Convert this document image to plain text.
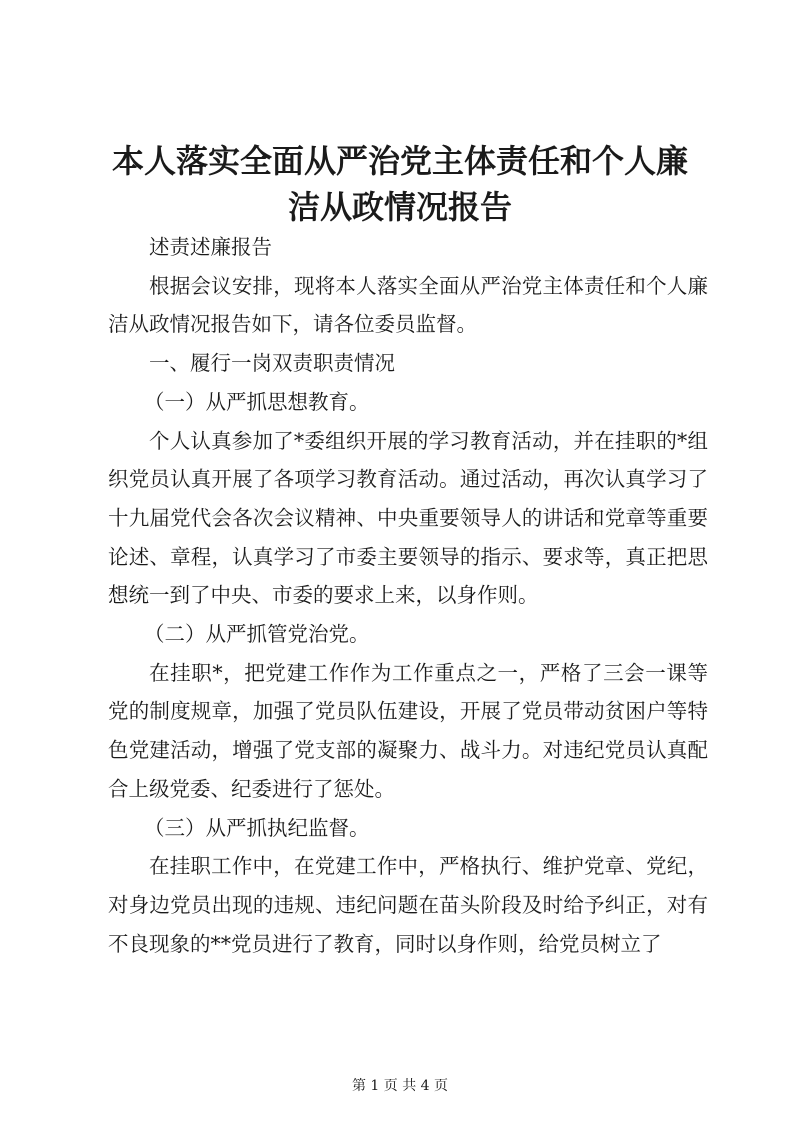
本人落实全面从严治党主体责任和个人廉洁从政情况报告

述责述廉报告

根据会议安排，现将本人落实全面从严治党主体责任和个人廉洁从政情况报告如下，请各位委员监督。

一、履行一岗双责职责情况

（一）从严抓思想教育。

个人认真参加了*委组织开展的学习教育活动，并在挂职的*组织党员认真开展了各项学习教育活动。通过活动，再次认真学习了十九届党代会各次会议精神、中央重要领导人的讲话和党章等重要论述、章程，认真学习了市委主要领导的指示、要求等，真正把思想统一到了中央、市委的要求上来，以身作则。

（二）从严抓管党治党。

在挂职*，把党建工作作为工作重点之一，严格了三会一课等党的制度规章，加强了党员队伍建设，开展了党员带动贫困户等特色党建活动，增强了党支部的凝聚力、战斗力。对违纪党员认真配合上级党委、纪委进行了惩处。

（三）从严抓执纪监督。

在挂职工作中，在党建工作中，严格执行、维护党章、党纪，对身边党员出现的违规、违纪问题在苗头阶段及时给予纠正，对有不良现象的**党员进行了教育，同时以身作则，给党员树立了

第 1 页 共 4 页
